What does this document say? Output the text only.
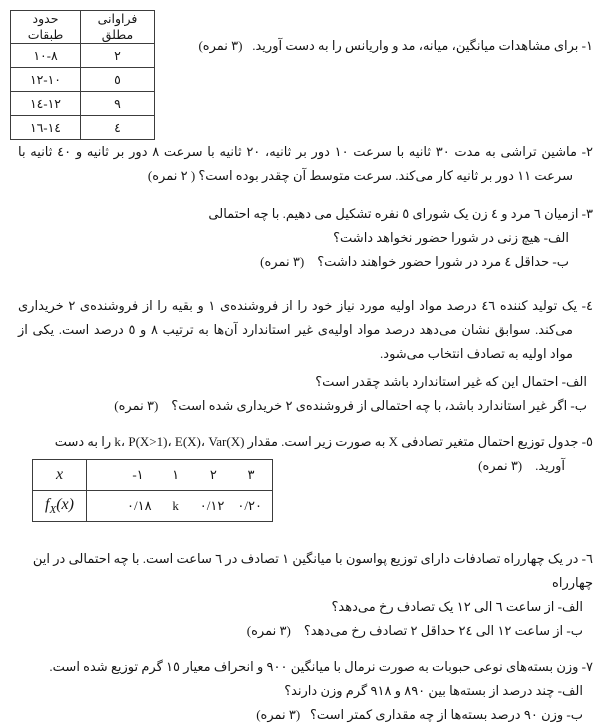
حدود طبقات	فراوانی مطلق
٨-١٠	٢
١٠-١٢	٥
١٢-١٤	٩
١٤-١٦	٤
١- برای مشاهدات میانگین، میانه، مد و واریانس را به دست آورید.   (٣ نمره)
٢- ماشین تراشی به مدت ٣٠ ثانیه با سرعت ١٠ دور بر ثانیه، ٢٠ ثانیه با سرعت ٨ دور بر ثانیه و ٤٠ ثانیه با سرعت ١١ دور بر ثانیه کار می‌کند. سرعت متوسط آن چقدر بوده است؟ ( ٢ نمره)
٣- ازمیان ٦ مرد و ٤ زن یک شورای ٥ نفره تشکیل می دهیم. با چه احتمالی
الف- هیچ زنی در شورا حضور نخواهد داشت؟
ب- حداقل ٤ مرد در شورا حضور خواهند داشت؟    (٣ نمره)
٤- یک تولید کننده ٤٦ درصد مواد اولیه مورد نیاز خود را از فروشنده‌ی ١ و بقیه را از فروشنده‌ی ٢ خریداری می‌کند. سوابق نشان می‌دهد درصد مواد اولیه‌ی غیر استاندارد آن‌ها به ترتیب ٨ و ٥ درصد است. یکی از مواد اولیه به تصادف انتخاب می‌شود.
الف- احتمال این که غیر استاندارد باشد چقدر است؟
ب- اگر غیر استاندارد باشد، با چه احتمالی از فروشنده‌ی ٢ خریداری شده است؟    (٣ نمره)
٥- جدول توزیع احتمال متغیر تصادفی ‪X‬ به صورت زیر است. مقدار ‪k‬، ‪P(X>1)‬، ‪E(X)‬، ‪Var(X)‬ را به دست
آورید.    (٣ نمره)
x	-١ ١ ٢ ٣

$f_X(x)$	٠/١٨ k ٠/١٢ ٠/٢٠
٦- در یک چهارراه تصادفات دارای توزیع پواسون با میانگین ١ تصادف در ٦ ساعت است. با چه احتمالی در این چهارراه
الف- از ساعت ٦ الی ١٢ یک تصادف رخ می‌دهد؟
ب- از ساعت ١٢ الی ٢٤ حداقل ٢ تصادف رخ می‌دهد؟    (٣ نمره)
٧- وزن بسته‌های نوعی حبوبات به صورت نرمال با میانگین ٩٠٠ و انحراف معیار ١٥ گرم توزیع شده است.
الف- چند درصد از بسته‌ها بین ٨٩٠ و ٩١٨ گرم وزن دارند؟
ب- وزن ٩٠ درصد بسته‌ها از چه مقداری کمتر است؟   (٣ نمره)
